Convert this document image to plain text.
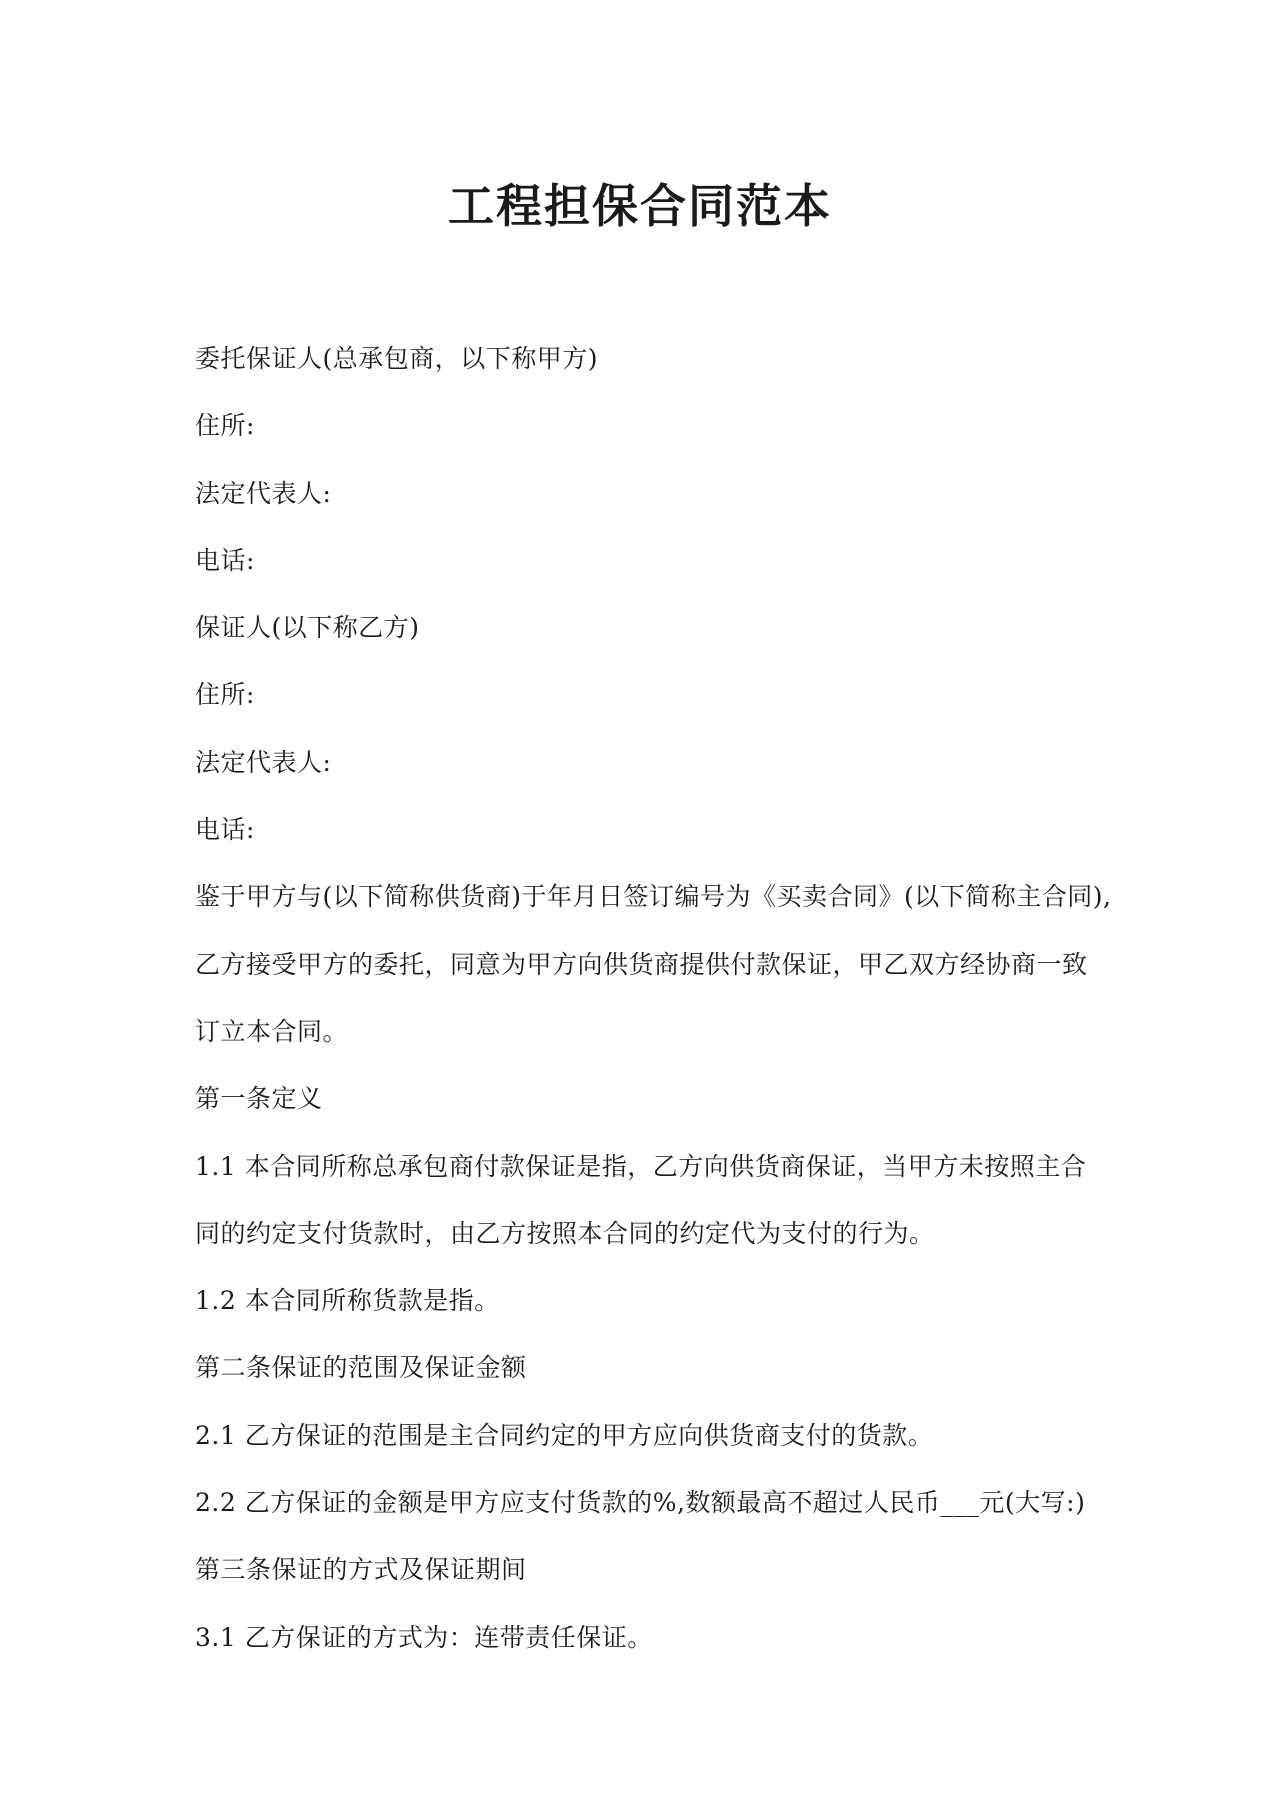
工程担保合同范本
委托保证人(总承包商，以下称甲方)
住所:
法定代表人:
电话:
保证人(以下称乙方)
住所:
法定代表人:
电话:
鉴于甲方与(以下简称供货商)于年月日签订编号为《买卖合同》(以下简称主合同),
乙方接受甲方的委托，同意为甲方向供货商提供付款保证，甲乙双方经协商一致
订立本合同。
第一条定义
1.1 本合同所称总承包商付款保证是指，乙方向供货商保证，当甲方未按照主合
同的约定支付货款时，由乙方按照本合同的约定代为支付的行为。
1.2 本合同所称货款是指。
第二条保证的范围及保证金额
2.1 乙方保证的范围是主合同约定的甲方应向供货商支付的货款。
2.2 乙方保证的金额是甲方应支付货款的%,数额最高不超过人民币___元(大写:)
第三条保证的方式及保证期间
3.1 乙方保证的方式为：连带责任保证。
